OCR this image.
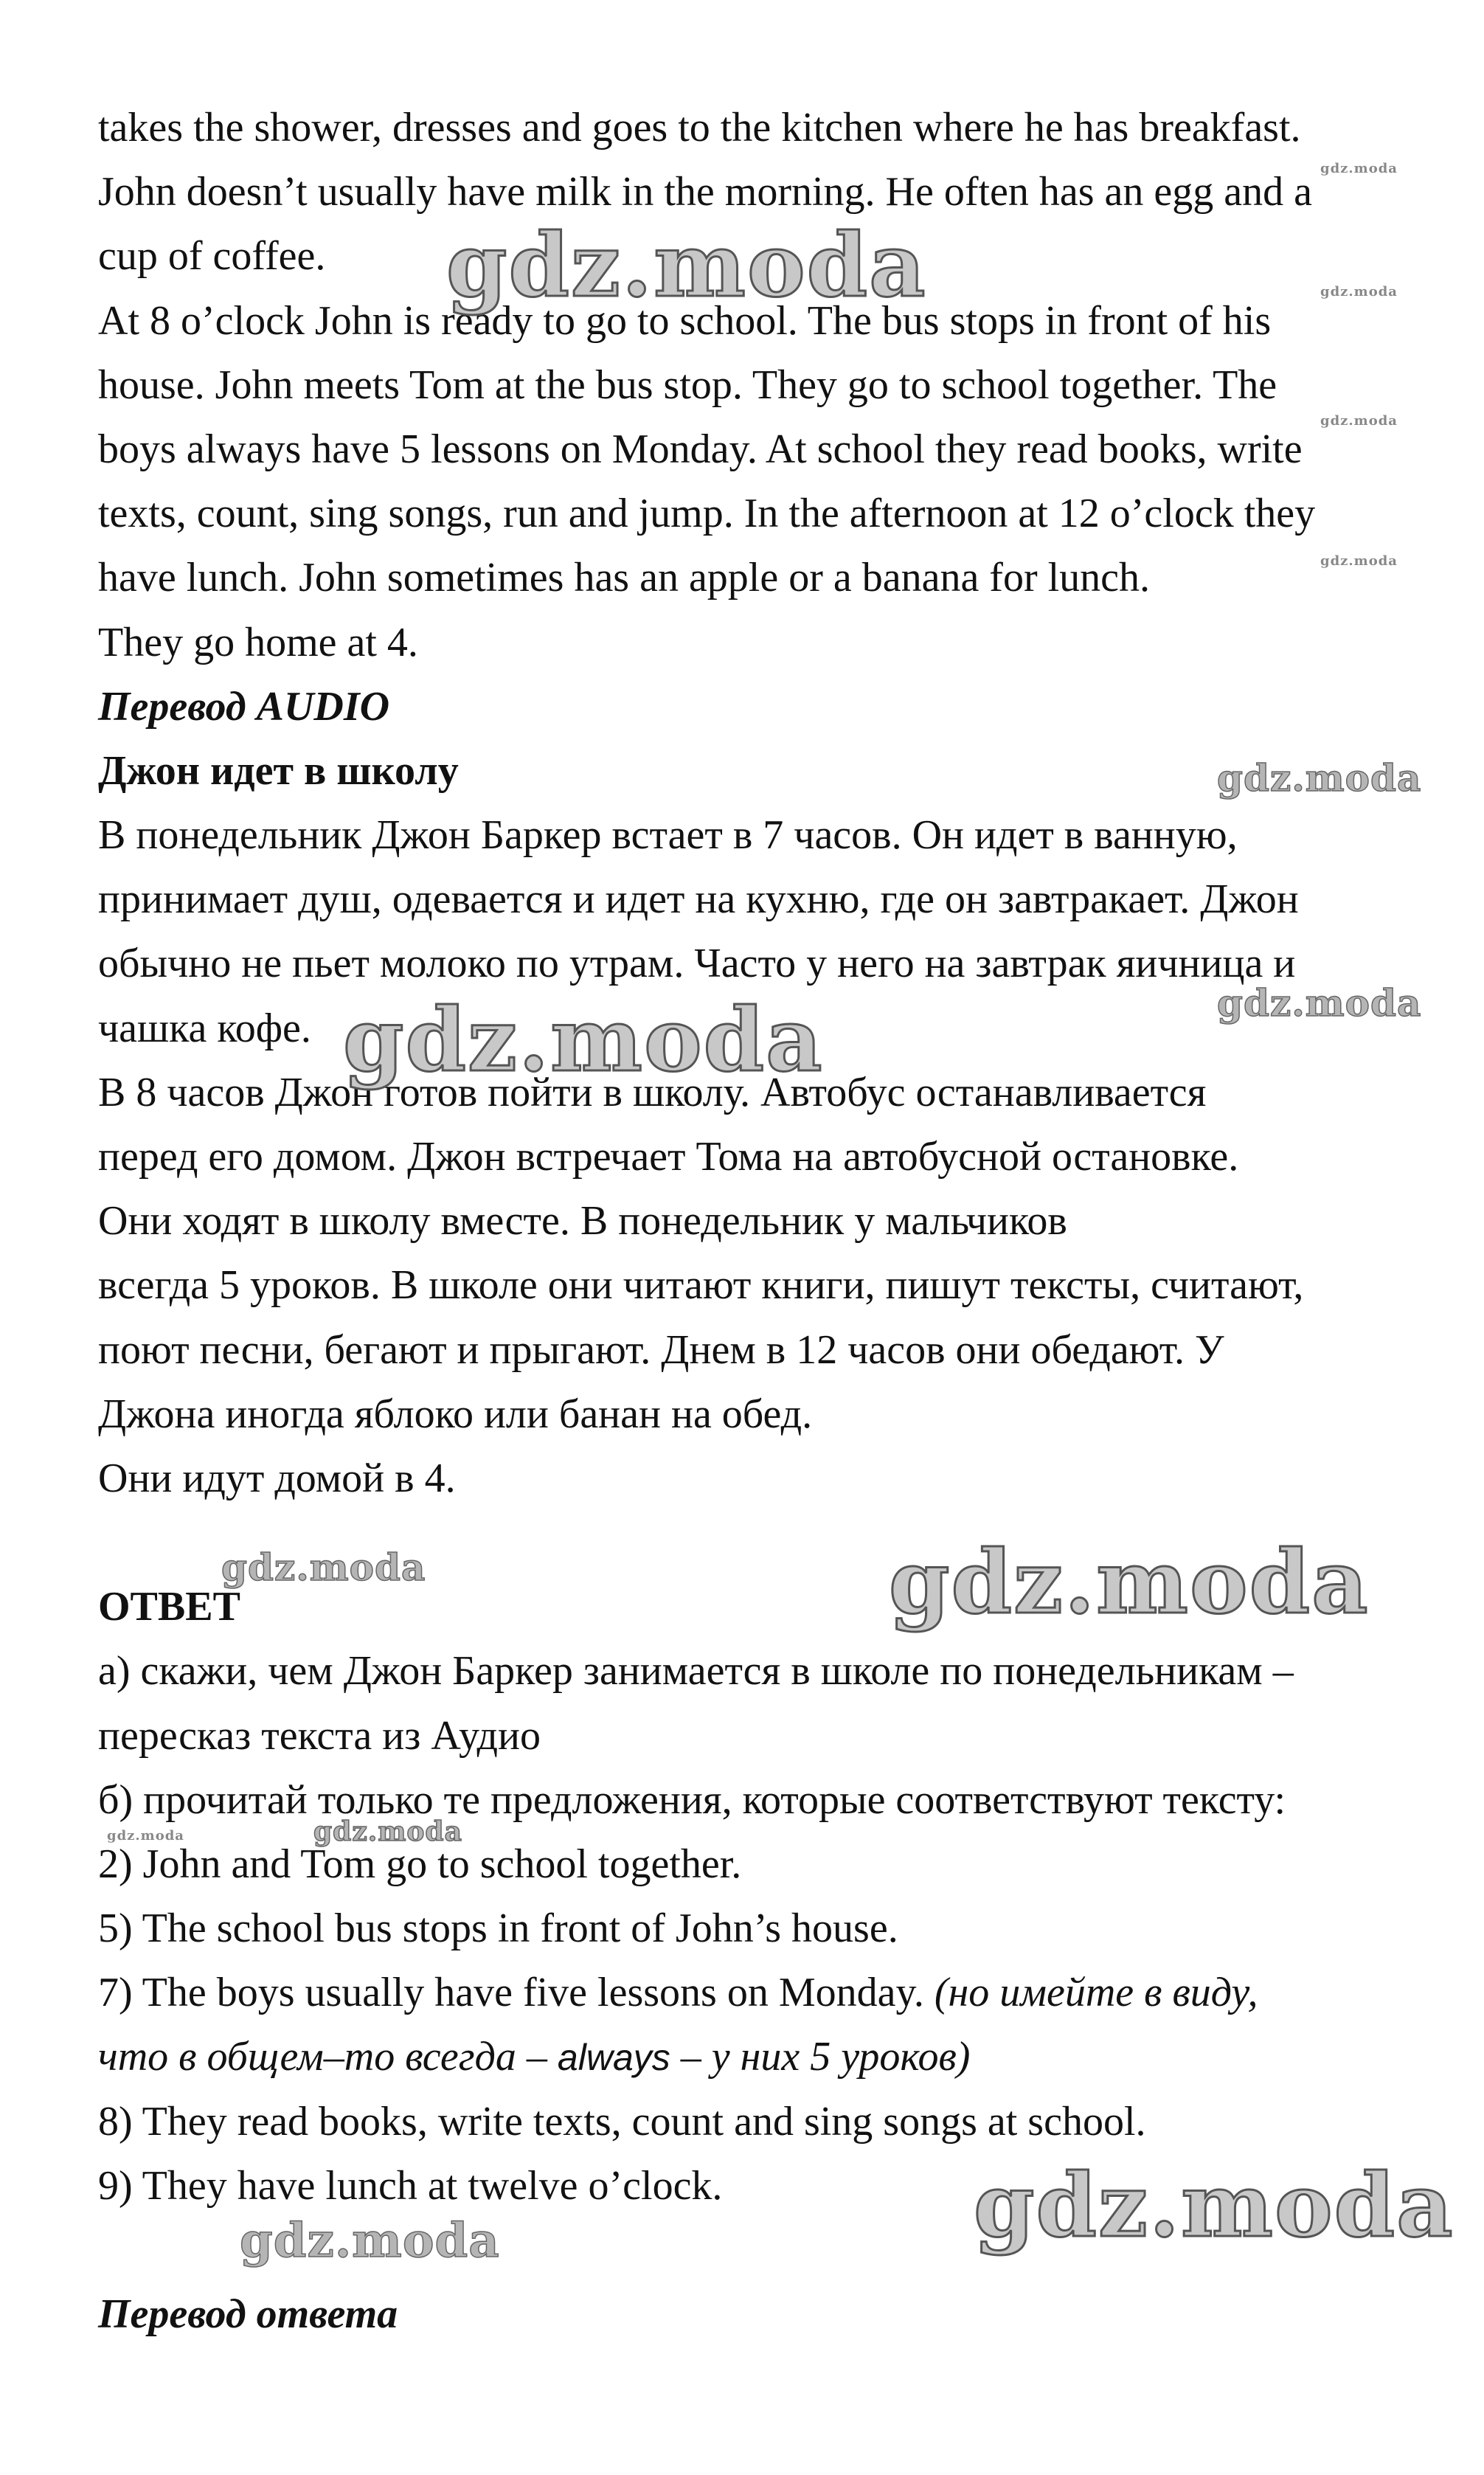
takes the shower, dresses and goes to the kitchen where he has breakfast.
John doesn’t usually have milk in the morning. He often has an egg and a
cup of coffee.
At 8 o’clock John is ready to go to school. The bus stops in front of his
house. John meets Tom at the bus stop. They go to school together. The
boys always have 5 lessons on Monday. At school they read books, write
texts, count, sing songs, run and jump. In the afternoon at 12 o’clock they
have lunch. John sometimes has an apple or a banana for lunch.
They go home at 4.
Перевод AUDIO
Джон идет в школу
В понедельник Джон Баркер встает в 7 часов. Он идет в ванную,
принимает душ, одевается и идет на кухню, где он завтракает. Джон
обычно не пьет молоко по утрам. Часто у него на завтрак яичница и
чашка кофе.
В 8 часов Джон готов пойти в школу. Автобус останавливается
перед его домом. Джон встречает Тома на автобусной остановке.
Они ходят в школу вместе. В понедельник у мальчиков
всегда 5 уроков. В школе они читают книги, пишут тексты, считают,
поют песни, бегают и прыгают. Днем в 12 часов они обедают. У
Джона иногда яблоко или банан на обед.
Они идут домой в 4.
ОТВЕТ
а) скажи, чем Джон Баркер занимается в школе по понедельникам –
пересказ текста из Аудио
б) прочитай только те предложения, которые соответствуют тексту:
2) John and Tom go to school together.
5) The school bus stops in front of John’s house.
7) The boys usually have five lessons on Monday. (но имейте в виду,
что в общем–то всегда – always – у них 5 уроков)
8) They read books, write texts, count and sing songs at school.
9) They have lunch at twelve o’clock.
Перевод ответа
gdz.moda
gdz.moda	gdz.moda
gdz.moda
gdz.moda
gdz.moda
gdz.moda
gdz.moda
gdz.moda	gdz.moda
gdz.moda	gdz.moda
gdz.moda
gdz.moda
